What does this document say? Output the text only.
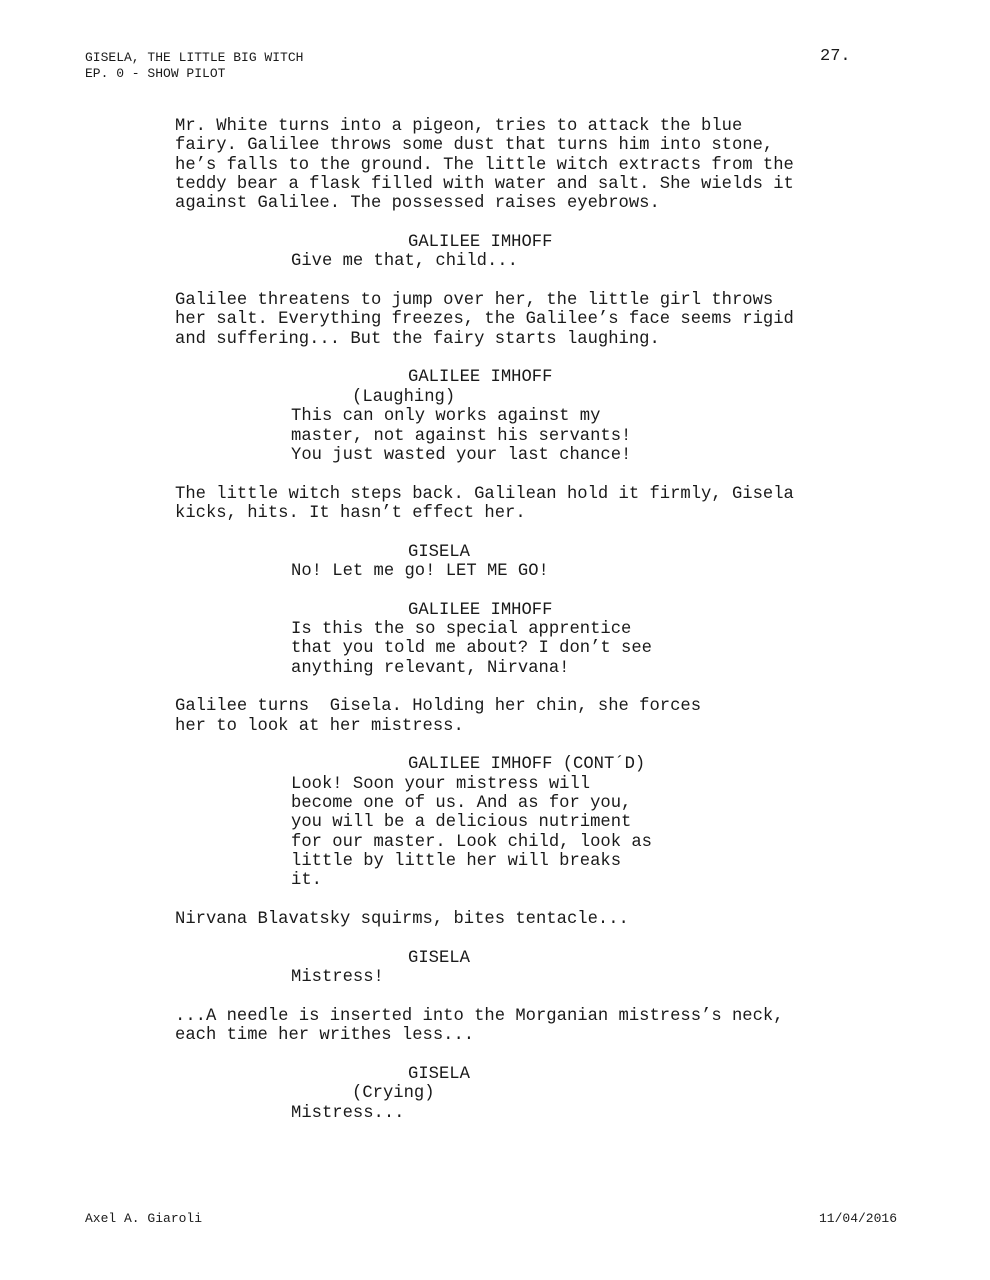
GISELA, THE LITTLE BIG WITCH
EP. 0 - SHOW PILOT
27.
Mr. White turns into a pigeon, tries to attack the blue
fairy. Galilee throws some dust that turns him into stone,
he’s falls to the ground. The little witch extracts from the
teddy bear a flask filled with water and salt. She wields it
against Galilee. The possessed raises eyebrows.
GALILEE IMHOFF
Give me that, child...
Galilee threatens to jump over her, the little girl throws
her salt. Everything freezes, the Galilee’s face seems rigid
and suffering... But the fairy starts laughing.
GALILEE IMHOFF
(Laughing)
This can only works against my
master, not against his servants!
You just wasted your last chance!
The little witch steps back. Galilean hold it firmly, Gisela
kicks, hits. It hasn’t effect her.
GISELA
No! Let me go! LET ME GO!
GALILEE IMHOFF
Is this the so special apprentice
that you told me about? I don’t see
anything relevant, Nirvana!
Galilee turns  Gisela. Holding her chin, she forces
her to look at her mistress.
GALILEE IMHOFF (CONT´D)
Look! Soon your mistress will
become one of us. And as for you,
you will be a delicious nutriment
for our master. Look child, look as
little by little her will breaks
it.
Nirvana Blavatsky squirms, bites tentacle...
GISELA
Mistress!
...A needle is inserted into the Morganian mistress’s neck,
each time her writhes less...
GISELA
(Crying)
Mistress...
Axel A. Giaroli	11/04/2016
